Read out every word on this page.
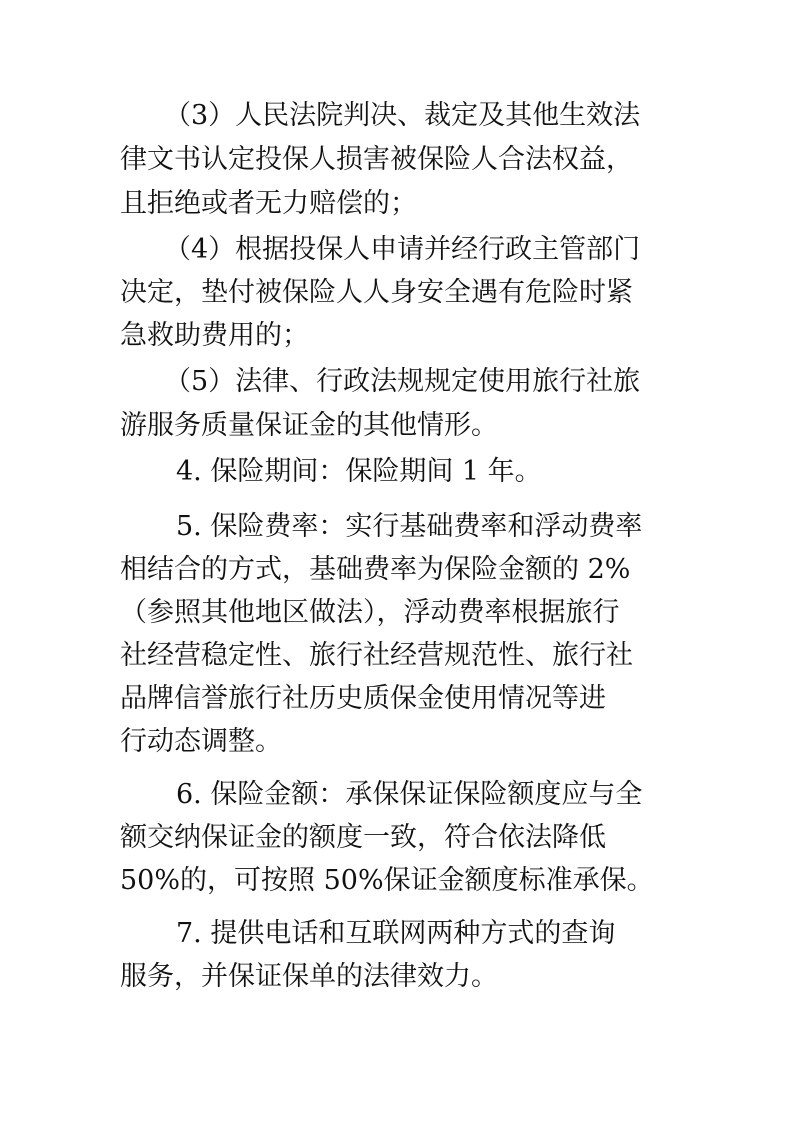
（3）人民法院判决、裁定及其他生效法

律文书认定投保人损害被保险人合法权益，

且拒绝或者无力赔偿的；

（4）根据投保人申请并经行政主管部门

决定，垫付被保险人人身安全遇有危险时紧

急救助费用的；

（5）法律、行政法规规定使用旅行社旅

游服务质量保证金的其他情形。

4. 保险期间：保险期间 1 年。

5. 保险费率：实行基础费率和浮动费率

相结合的方式，基础费率为保险金额的 2%

（参照其他地区做法），浮动费率根据旅行

社经营稳定性、旅行社经营规范性、旅行社

品牌信誉旅行社历史质保金使用情况等进

行动态调整。

6. 保险金额：承保保证保险额度应与全

额交纳保证金的额度一致，符合依法降低

50%的，可按照 50%保证金额度标准承保。

7. 提供电话和互联网两种方式的查询

服务，并保证保单的法律效力。
